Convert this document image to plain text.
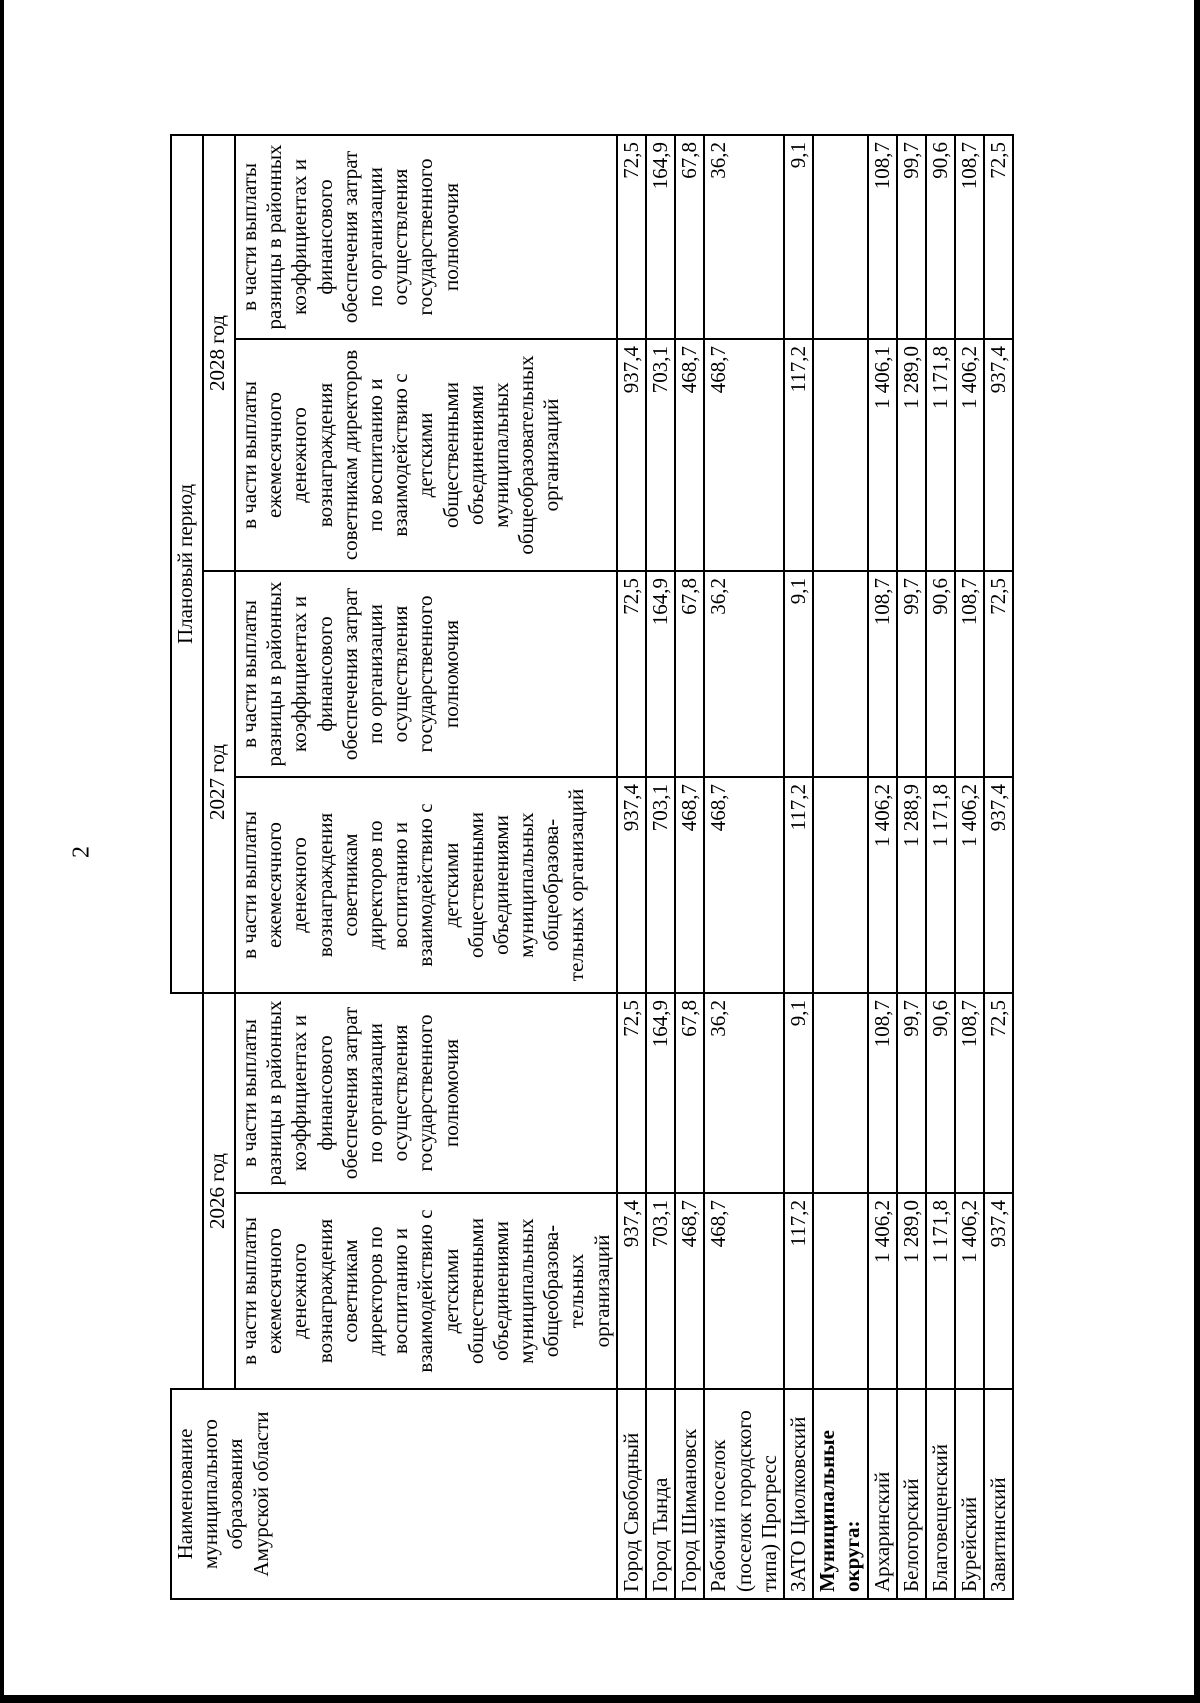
2
Наименование муниципального образования Амурской области			Плановый период			
	2026 год		2027 год		2028 год	
	в части выплаты ежемесячного денежного вознаграждения советникам директоров по воспитанию и взаимодействию с детскими общественными объединениями муниципальных общеобразова-тельных организаций	в части выплаты разницы в районных коэффициентах и финансового обеспечения затрат по организации осуществления государственного полномочия	в части выплаты ежемесячного денежного вознаграждения советникам директоров по воспитанию и взаимодействию с детскими общественными объединениями муниципальных общеобразова-тельных организаций	в части выплаты разницы в районных коэффициентах и финансового обеспечения затрат по организации осуществления государственного полномочия	в части выплаты ежемесячного денежного вознаграждения советникам директоров по воспитанию и взаимодействию с детскими общественными объединениями муниципальных общеобразовательных организаций	в части выплаты разницы в районных коэффициентах и финансового обеспечения затрат по организации осуществления государственного полномочия
Город Свободный	937,4	72,5	937,4	72,5	937,4	72,5
Город Тында	703,1	164,9	703,1	164,9	703,1	164,9
Город Шимановск	468,7	67,8	468,7	67,8	468,7	67,8
Рабочий поселок (поселок городского типа) Прогресс	468,7	36,2	468,7	36,2	468,7	36,2
ЗАТО Циолковский	117,2	9,1	117,2	9,1	117,2	9,1
Муниципальные округа:						
Архаринский	1 406,2	108,7	1 406,2	108,7	1 406,1	108,7
Белогорский	1 289,0	99,7	1 288,9	99,7	1 289,0	99,7
Благовещенский	1 171,8	90,6	1 171,8	90,6	1 171,8	90,6
Бурейский	1 406,2	108,7	1 406,2	108,7	1 406,2	108,7
Завитинский	937,4	72,5	937,4	72,5	937,4	72,5
